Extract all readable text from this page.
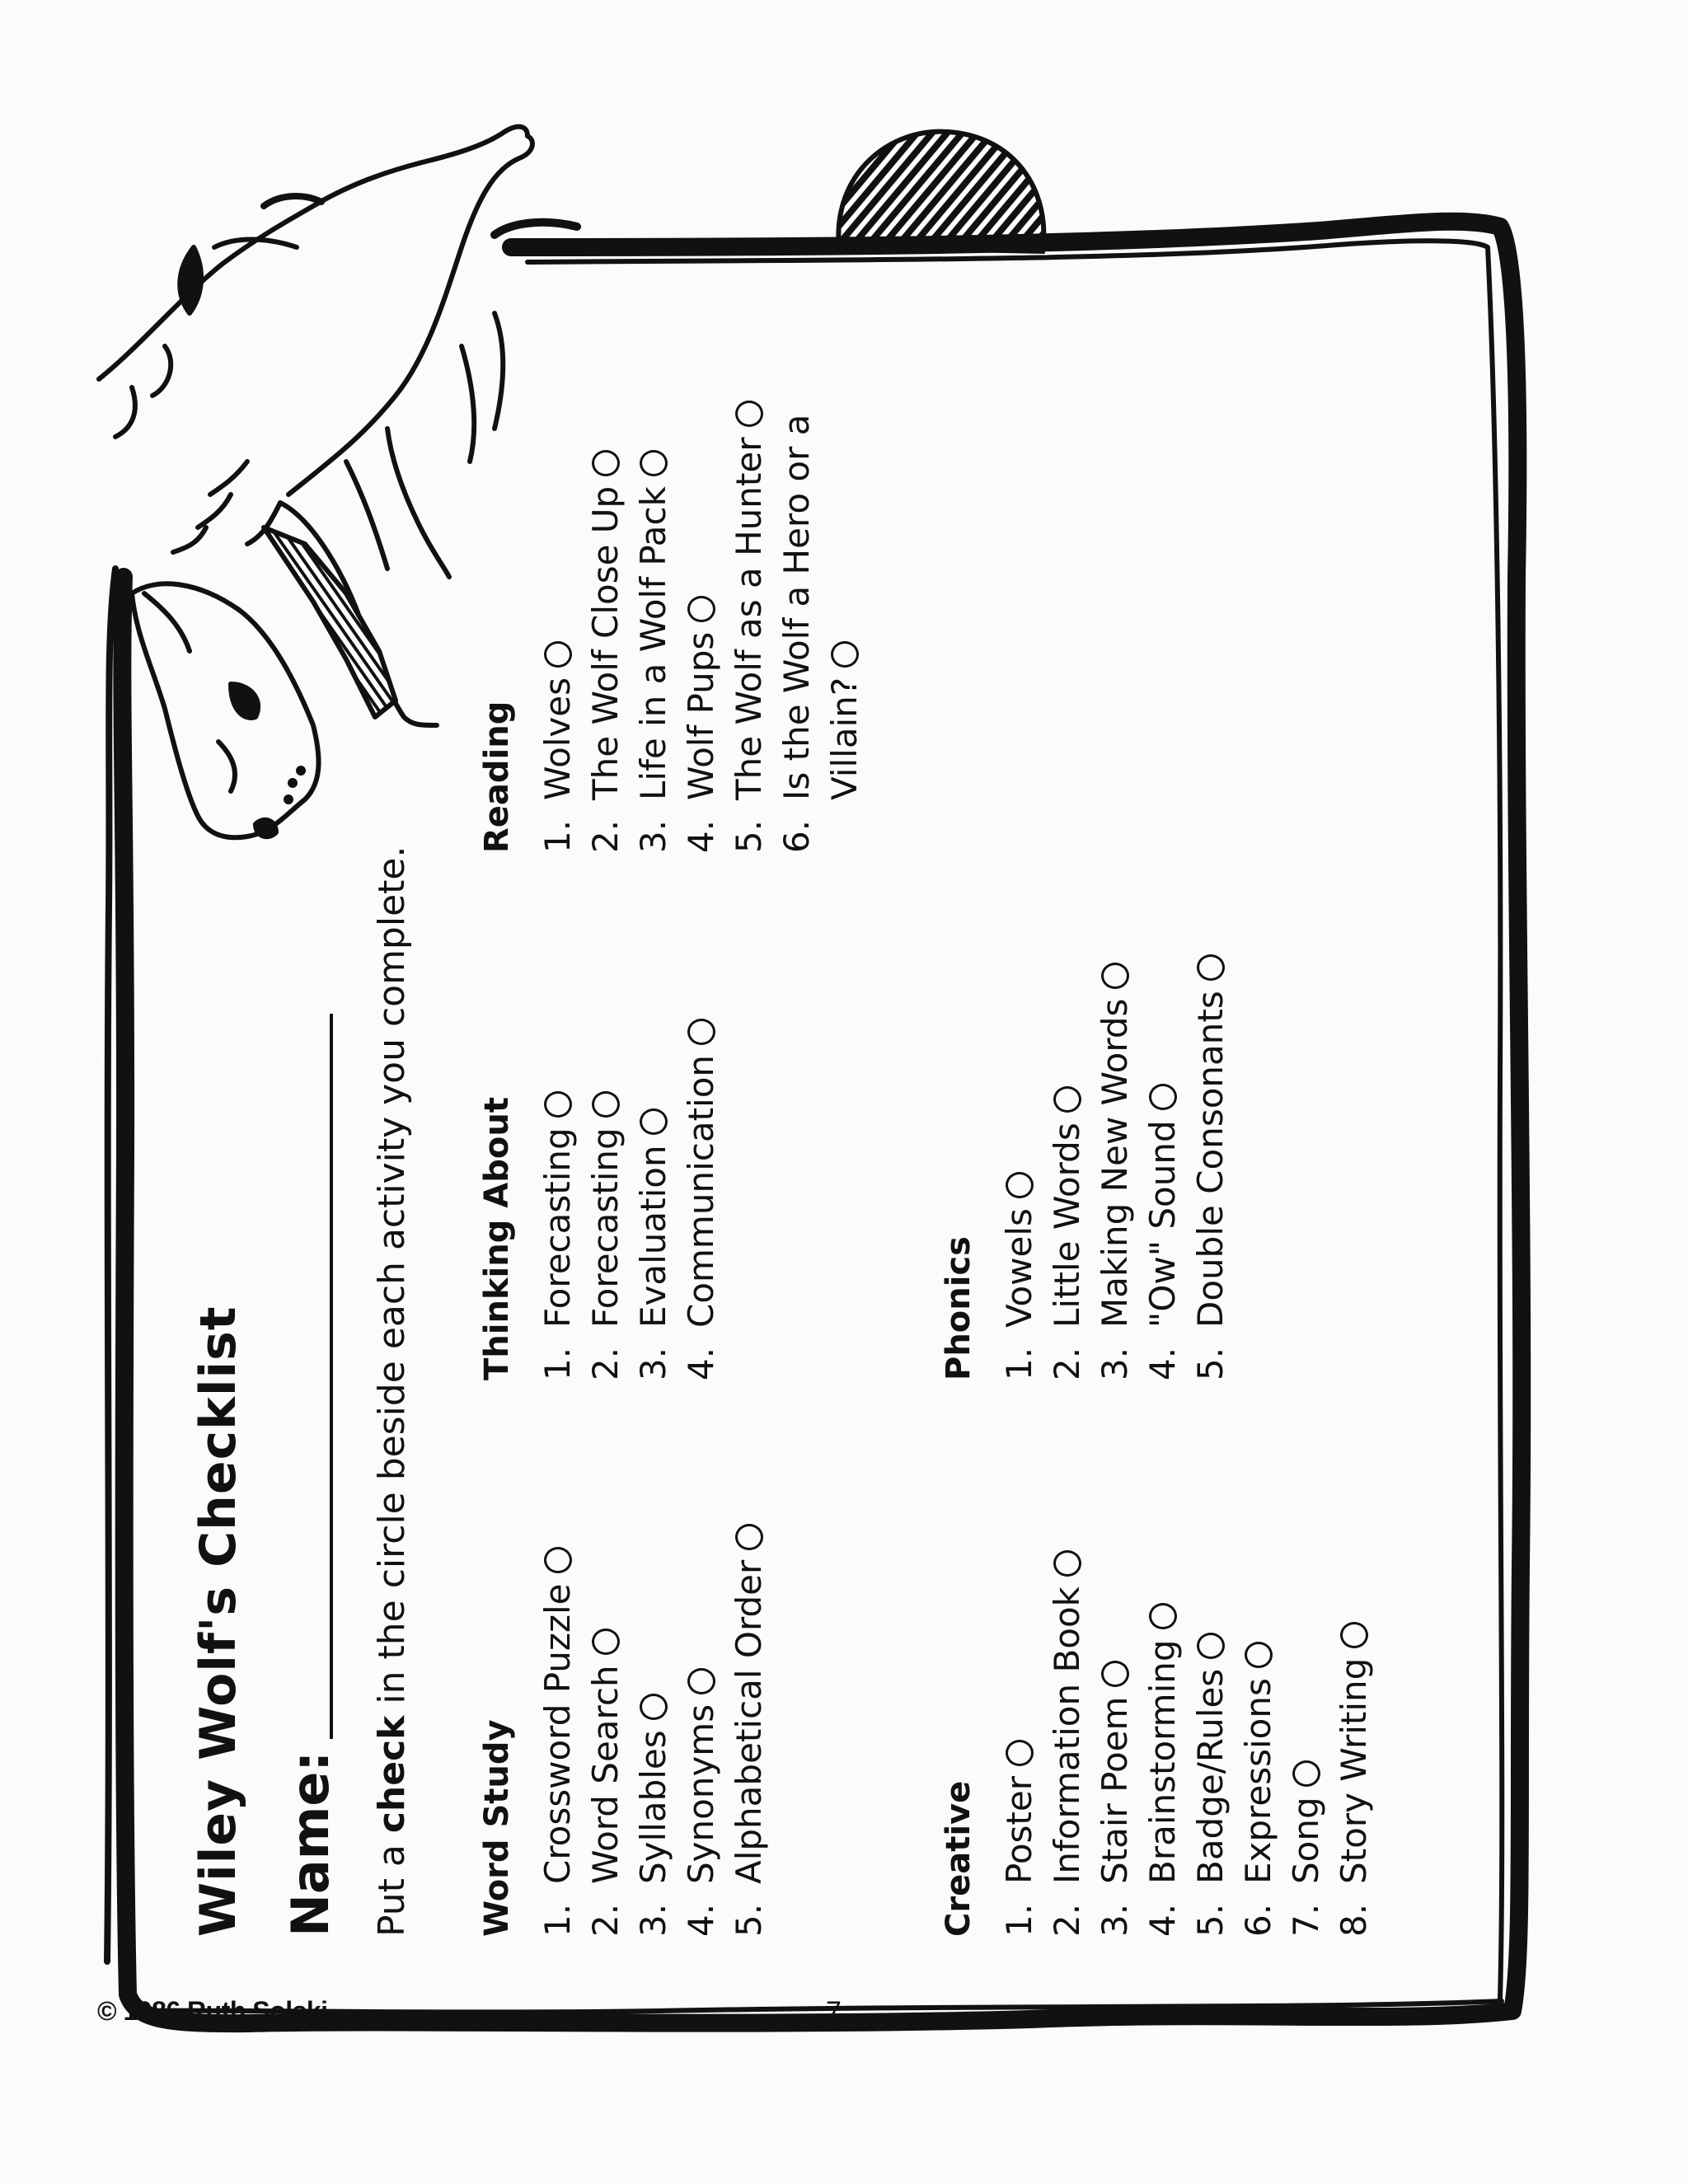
© 1986 Ruth Solski	7
WileyWolf'sChecklist
Name: Put a check in the circle beside each activity you complete.
Word Study 1.
Crossword Puzzle
2.
Word Search
3.
Syllables
4.
Synonyms
5.
Alphabetical Order
Thinking About 1.
Forecasting
2.
Forecasting
3.
Evaluation
4.
Communication
Reading 1.
Wolves
2.
The Wolf Close Up
3.
Life in a Wolf Pack
4.
Wolf Pups
5.
The Wolf as a Hunter
6.
Is the Wolf a Hero or a Villain?
Creative 1.
Poster
2.
Information Book
3.
Stair Poem
4.
Brainstorming
5.
Badge/Rules
6.
Expressions
7.
Song
8.
Story Writing
Phonics 1.
Vowels
2.
Little Words
3.
Making New Words
4.
"Ow" Sound
5.
Double Consonants
